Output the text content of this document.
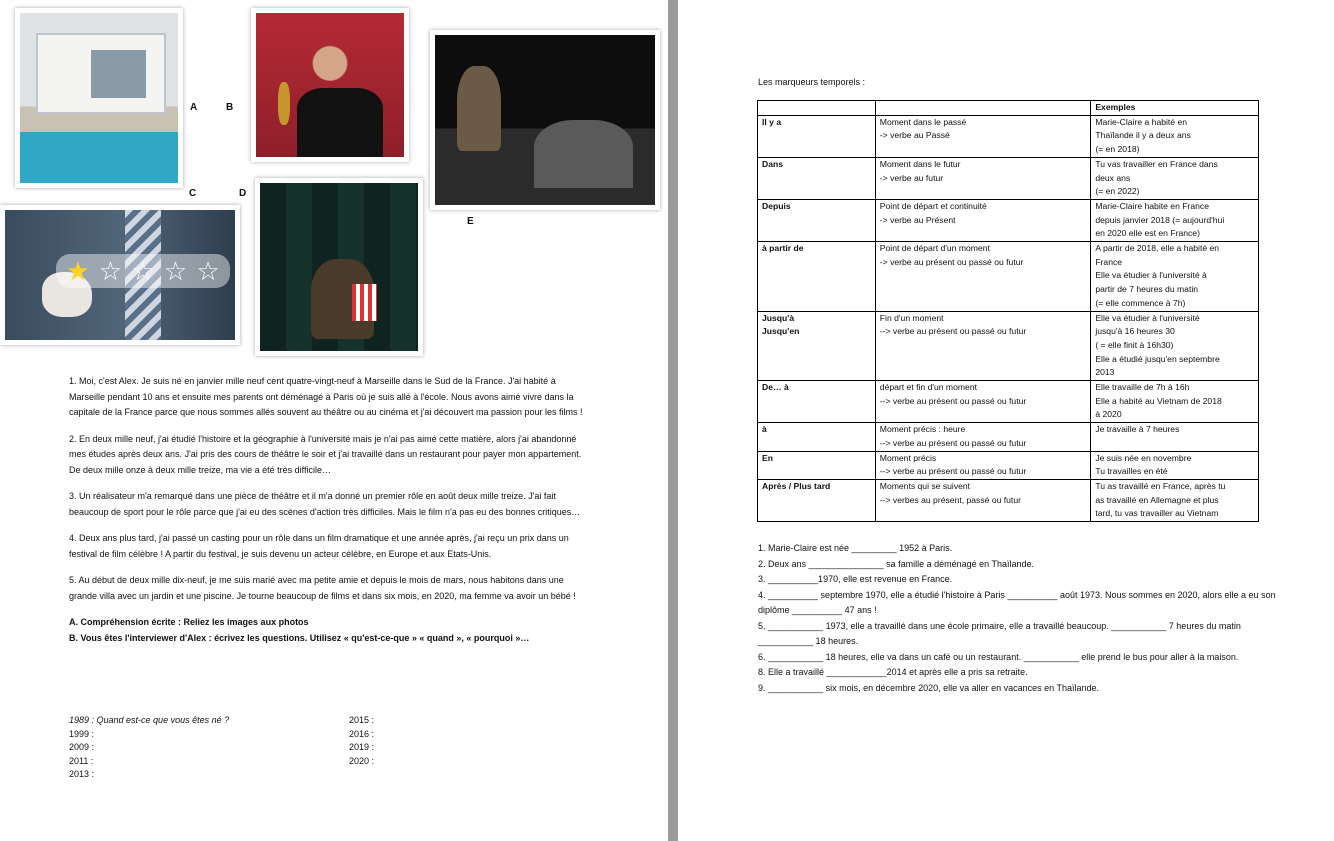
★ ☆ ☆ ☆ ☆
A	B
C	D
E

1. Moi, c'est Alex. Je suis né en janvier mille neuf cent quatre-vingt-neuf à Marseille dans le Sud de la France. J'ai habité à Marseille pendant 10 ans et ensuite mes parents ont déménagé à Paris où je suis allé à l'école. Nous avons aimé vivre dans la capitale de la France parce que nous sommes allés souvent au théâtre ou au cinéma et j'ai découvert ma passion pour les films !

2. En deux mille neuf, j'ai étudié l'histoire et la géographie à l'université mais je n'ai pas aimé cette matière, alors j'ai abandonné mes études après deux ans. J'ai pris des cours de théâtre le soir et j'ai travaillé dans un restaurant pour payer mon appartement. De deux mille onze à deux mille treize, ma vie a été très difficile…

3. Un réalisateur m'a remarqué dans une pièce de théâtre et il m'a donné un premier rôle en août deux mille treize. J'ai fait beaucoup de sport pour le rôle parce que j'ai eu des scènes d'action très difficiles. Mais le film n'a pas eu des bonnes critiques…

4. Deux ans plus tard, j'ai passé un casting pour un rôle dans un film dramatique et une année après, j'ai reçu un prix dans un festival de film célèbre ! A partir du festival, je suis devenu un acteur célèbre, en Europe et aux Etats-Unis.

5. Au début de deux mille dix-neuf, je me suis marié avec ma petite amie et depuis le mois de mars, nous habitons dans une grande villa avec un jardin et une piscine. Je tourne beaucoup de films et dans six mois, en 2020, ma femme va avoir un bébé !

A. Compréhension écrite : Reliez les images aux photos

B. Vous êtes l'interviewer d'Alex : écrivez les questions. Utilisez « qu'est-ce-que » « quand », « pourquoi »…

1989 : Quand est-ce que vous êtes né ?
1999 :
2009 :
2011 :
2013 :
2015 :
2016 :
2019 :
2020 :
Les marqueurs temporels :
		Exemples
Il y a	Moment dans le passé
-> verbe au Passé	Marie-Claire a habité en
Thaïlande il y a deux ans
(= en 2018)
Dans	Moment dans le futur
-> verbe au futur	Tu vas travailler en France dans
deux ans
(= en 2022)
Depuis	Point de départ et continuité
-> verbe au Présent	Marie-Claire habite en France
depuis janvier 2018 (= aujourd'hui
en 2020 elle est en France)
à partir de	Point de départ d'un moment
-> verbe au présent ou passé ou futur	A partir de 2018, elle a habité en
France
Elle va étudier à l'université à
partir de 7 heures du matin
(= elle commence à 7h)
Jusqu'à
Jusqu'en	Fin d'un moment
--> verbe au présent ou passé ou futur	Elle va étudier à l'université
jusqu'à 16 heures 30
( = elle finit à 16h30)
Elle a étudié jusqu'en septembre
2013
De… à	départ et fin d'un moment
--> verbe au présent ou passé ou futur	Elle travaille de 7h à 16h
Elle a habité au Vietnam de 2018
à 2020
à	Moment précis : heure
--> verbe au présent ou passé ou futur	Je travaille à 7 heures
En	Moment précis
--> verbe au présent ou passé ou futur	Je suis née en novembre
Tu travailles en été
Après / Plus tard	Moments qui se suivent
--> verbes au présent, passé ou futur	Tu as travaillé en France, après tu
as travaillé en Allemagne et plus
tard, tu vas travailler au Vietnam
1. Marie-Claire est née _________ 1952 à Paris.
2. Deux ans _______________ sa famille a déménagé en Thaïlande.
3. __________1970, elle est revenue en France.
4. __________ septembre 1970, elle a étudié l'histoire à Paris __________ août 1973. Nous sommes en 2020, alors elle a eu son diplôme __________ 47 ans !
5. ___________ 1973, elle a travaillé dans une école primaire, elle a travaillé beaucoup. ___________ 7 heures du matin ___________ 18 heures.
6. ___________ 18 heures, elle va dans un café ou un restaurant. ___________ elle prend le bus pour aller à la maison.
8. Elle a travaillé ____________2014 et après elle a pris sa retraite.
9. ___________ six mois, en décembre 2020, elle va aller en vacances en Thaïlande.
